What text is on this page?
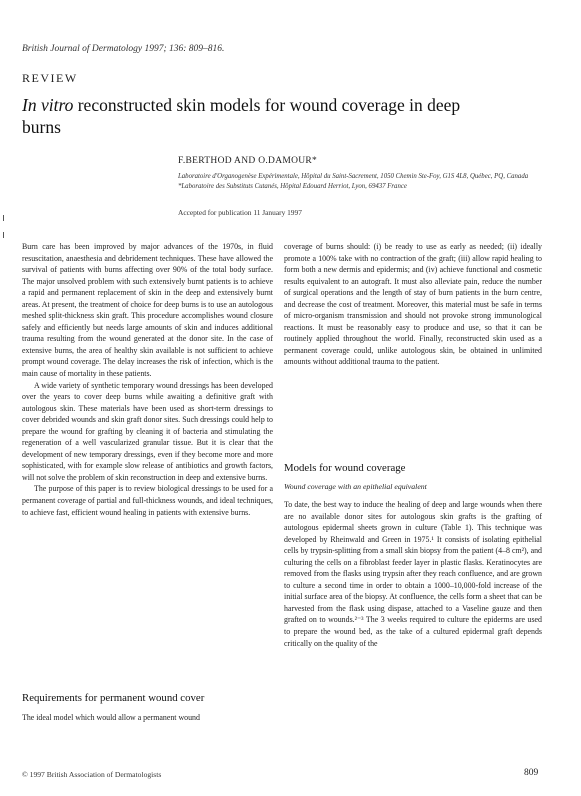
British Journal of Dermatology 1997; 136: 809–816.
REVIEW
In vitro reconstructed skin models for wound coverage in deep burns
F.BERTHOD AND O.DAMOUR*
Laboratoire d'Organogenèse Expérimentale, Hôpital du Saint-Sacrement, 1050 Chemin Ste-Foy, G1S 4L8, Québec, PQ, Canada
*Laboratoire des Substituts Cutanés, Hôpital Edouard Herriot, Lyon, 69437 France
Accepted for publication 11 January 1997

Burn care has been improved by major advances of the 1970s, in fluid resuscitation, anaesthesia and debridement techniques. These have allowed the survival of patients with burns affecting over 90% of the total body surface. The major unsolved problem with such extensively burnt patients is to achieve a rapid and permanent replacement of skin in the deep and extensively burnt areas. At present, the treatment of choice for deep burns is to use an autologous meshed split-thickness skin graft. This procedure accomplishes wound closure safely and efficiently but needs large amounts of skin and induces additional trauma resulting from the wound generated at the donor site. In the case of extensive burns, the area of healthy skin available is not sufficient to achieve prompt wound coverage. The delay increases the risk of infection, which is the main cause of mortality in these patients.

A wide variety of synthetic temporary wound dressings has been developed over the years to cover deep burns while awaiting a definitive graft with autologous skin. These materials have been used as short-term dressings to cover debrided wounds and skin graft donor sites. Such dressings could help to prepare the wound for grafting by cleaning it of bacteria and stimulating the regeneration of a well vascularized granular tissue. But it is clear that the development of new temporary dressings, even if they become more and more sophisticated, with for example slow release of antibiotics and growth factors, will not solve the problem of skin reconstruction in deep and extensive burns.

The purpose of this paper is to review biological dressings to be used for a permanent coverage of partial and full-thickness wounds, and ideal techniques, to achieve fast, efficient wound healing in patients with extensive burns.

Requirements for permanent wound cover
The ideal model which would allow a permanent wound

coverage of burns should: (i) be ready to use as early as needed; (ii) ideally promote a 100% take with no contraction of the graft; (iii) allow rapid healing to form both a new dermis and epidermis; and (iv) achieve functional and cosmetic results equivalent to an autograft. It must also alleviate pain, reduce the number of surgical operations and the length of stay of burn patients in the burn centre, and decrease the cost of treatment. Moreover, this material must be safe in terms of micro-organism transmission and should not provoke strong immunological reactions. It must be reasonably easy to produce and use, so that it can be routinely applied throughout the world. Finally, reconstructed skin used as a permanent coverage could, unlike autologous skin, be obtained in unlimited amounts without additional trauma to the patient.

Models for wound coverage
Wound coverage with an epithelial equivalent

To date, the best way to induce the healing of deep and large wounds when there are no available donor sites for autologous skin grafts is the grafting of autologous epidermal sheets grown in culture (Table 1). This technique was developed by Rheinwald and Green in 1975.¹ It consists of isolating epithelial cells by trypsin-splitting from a small skin biopsy from the patient (4–8 cm²), and culturing the cells on a fibroblast feeder layer in plastic flasks. Keratinocytes are removed from the flasks using trypsin after they reach confluence, and are grown to culture a second time in order to obtain a 1000–10,000-fold increase of the initial surface area of the biopsy. At confluence, the cells form a sheet that can be harvested from the flask using dispase, attached to a Vaseline gauze and then grafted on to wounds.²⁻³ The 3 weeks required to culture the epiderms are used to prepare the wound bed, as the take of a cultured epidermal graft depends critically on the quality of the

© 1997 British Association of Dermatologists	809
